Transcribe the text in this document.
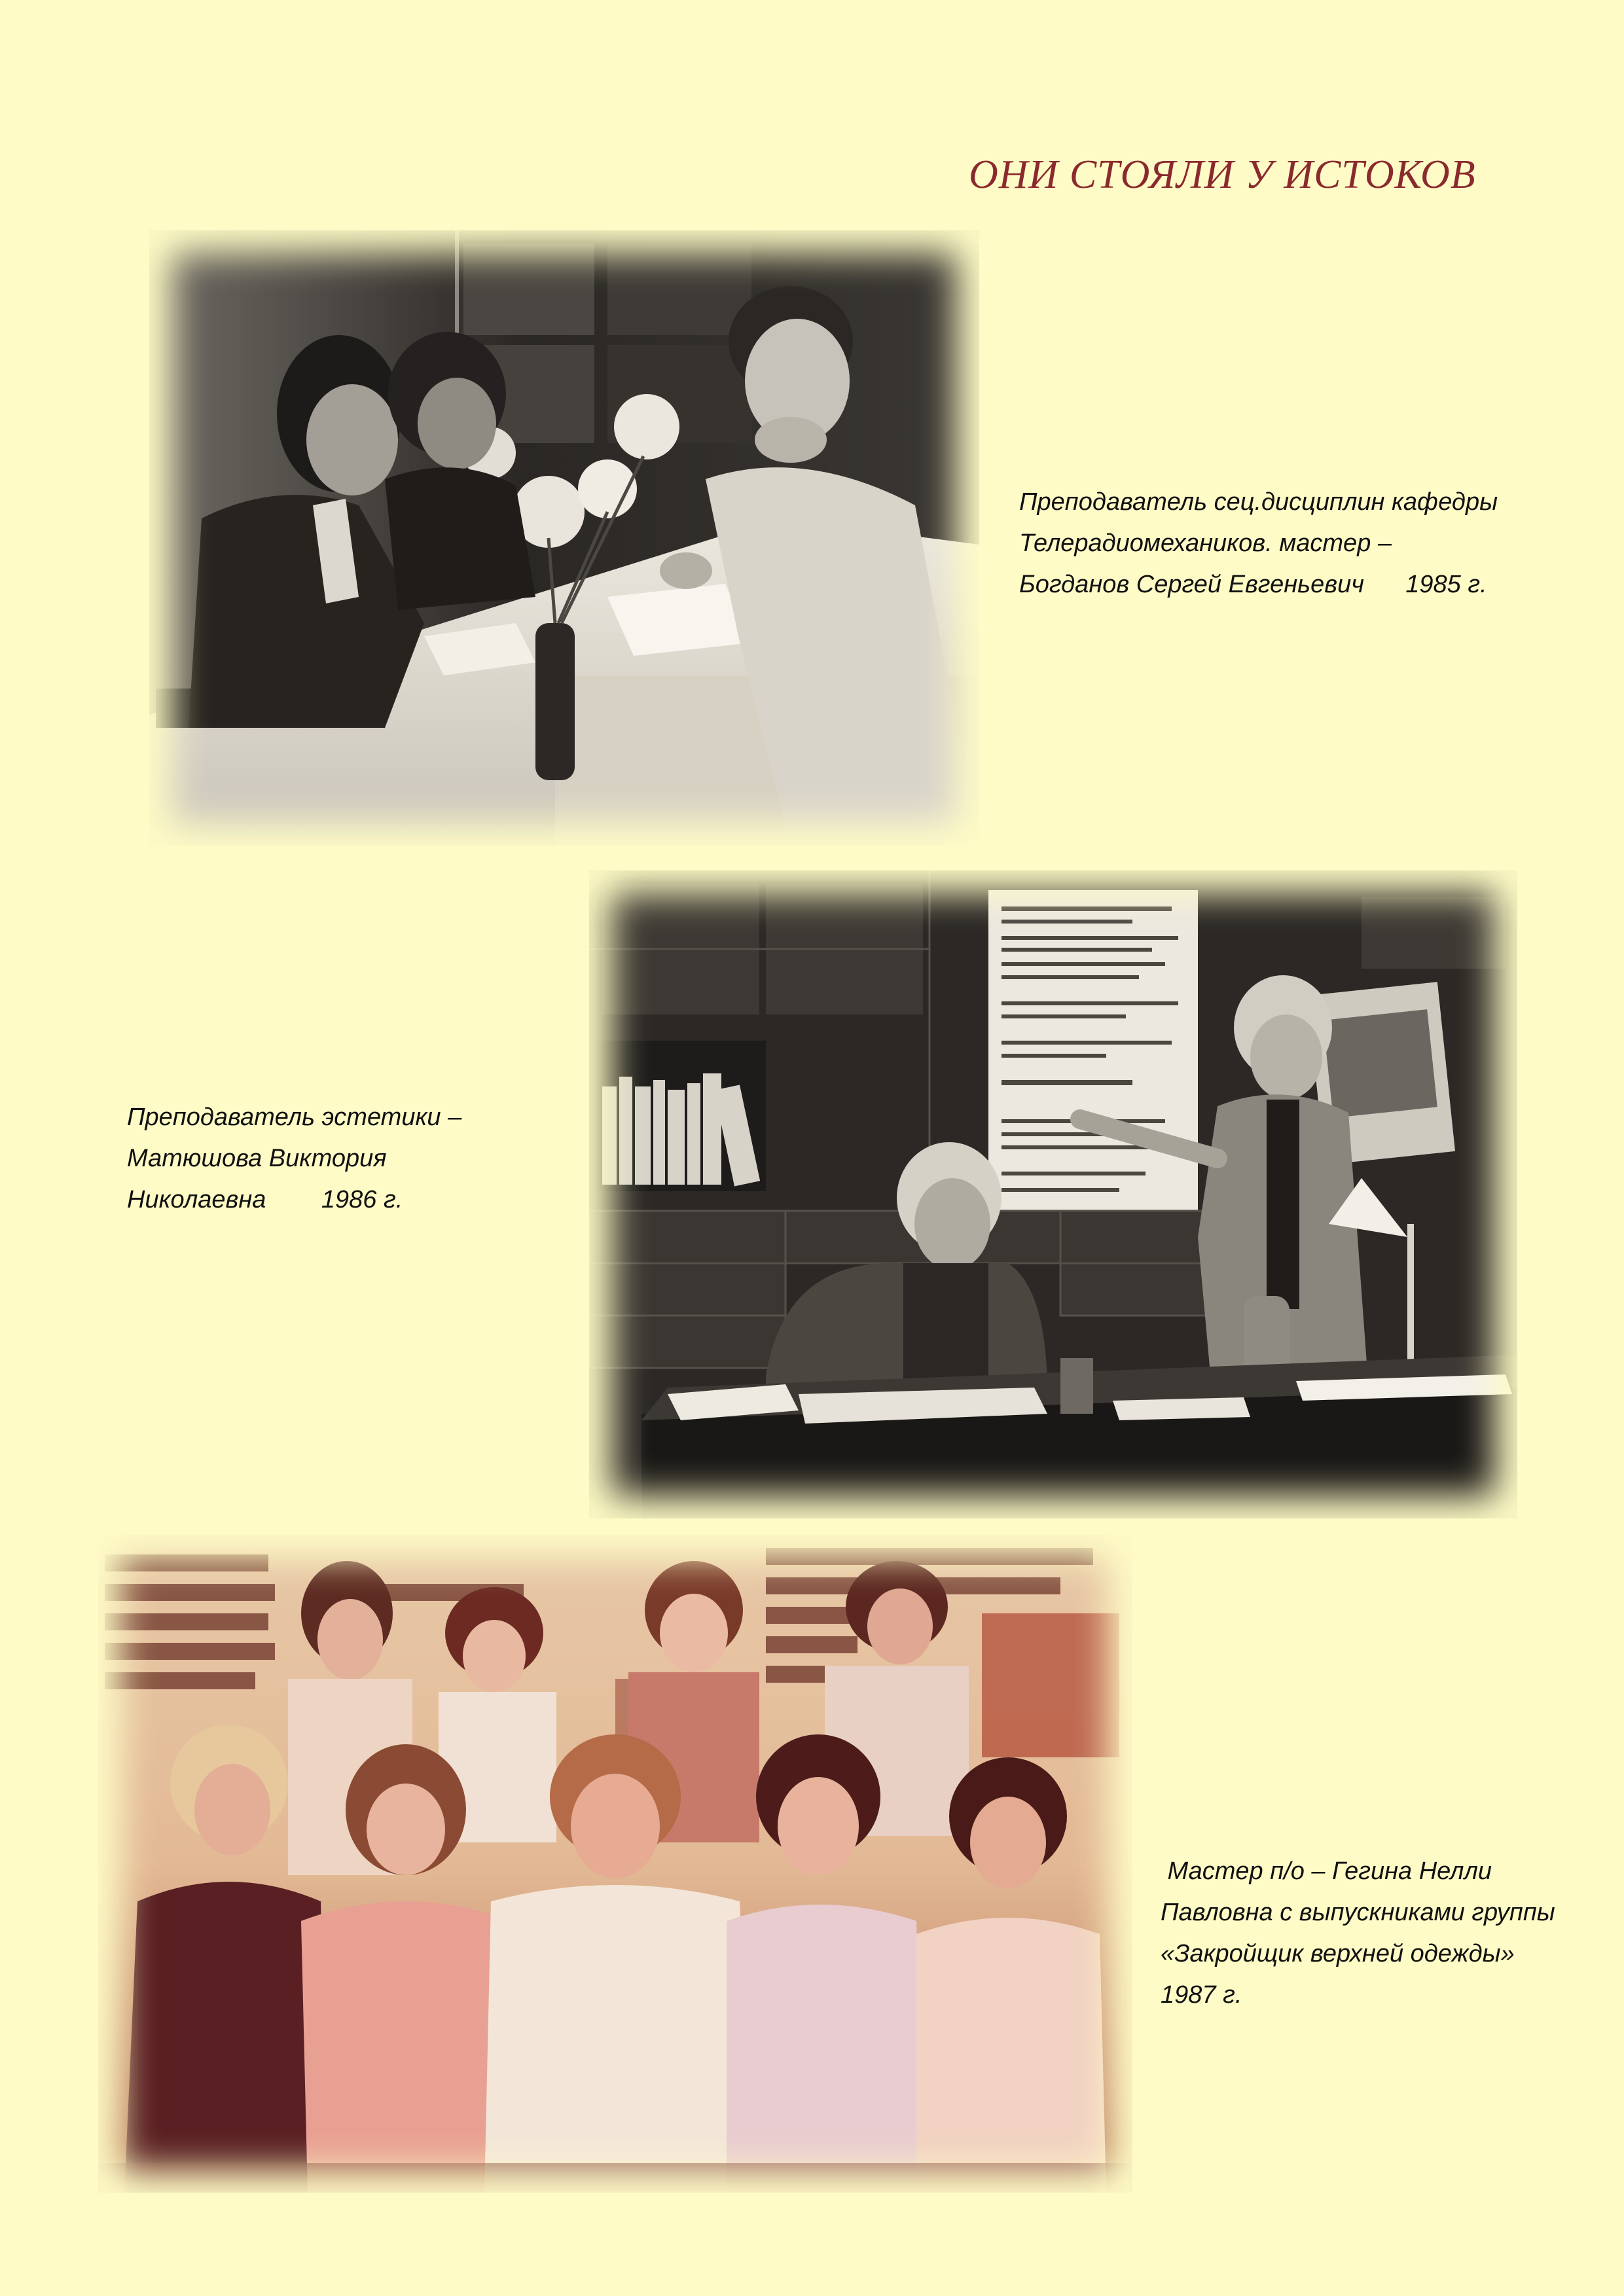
ОНИ СТОЯЛИ У ИСТОКОВ
Преподаватель сец.дисциплин кафедры
Телерадиомехаников. мастер –
Богданов Сергей Евгеньевич      1985 г.
Преподаватель эстетики –
Матюшова Виктория
Николаевна        1986 г.
Мастер п/о – Гегина Нелли
Павловна с выпускниками группы
«Закройщик верхней одежды»
1987 г.
